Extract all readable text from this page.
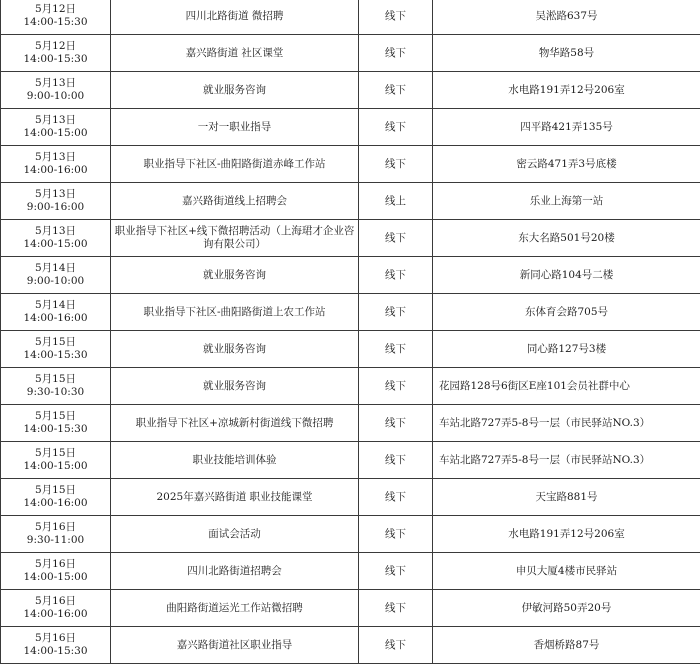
5月12日
14:00-15:30	四川北路街道 微招聘	线下	吴淞路637号

5月12日
14:00-15:30	嘉兴路街道 社区课堂	线下	物华路58号

5月13日
9:00-10:00	就业服务咨询	线下	水电路191弄12号206室

5月13日
14:00-15:00	一对一职业指导	线下	四平路421弄135号

5月13日
14:00-16:00	职业指导下社区-曲阳路街道赤峰工作站	线下	密云路471弄3号底楼

5月13日
9:00-16:00	嘉兴路街道线上招聘会	线上	乐业上海第一站

5月13日
14:00-15:00	职业指导下社区+线下微招聘活动（上海珺才企业咨询有限公司）	线下	东大名路501号20楼

5月14日
9:00-10:00	就业服务咨询	线下	新同心路104号二楼

5月14日
14:00-16:00	职业指导下社区-曲阳路街道上农工作站	线下	东体育会路705号

5月15日
14:00-15:30	就业服务咨询	线下	同心路127号3楼

5月15日
9:30-10:30	就业服务咨询	线下	花园路128号6街区E座101会员社群中心

5月15日
14:00-15:30	职业指导下社区+凉城新村街道线下微招聘	线下	车站北路727弄5-8号一层（市民驿站NO.3）

5月15日
14:00-15:00	职业技能培训体验	线下	车站北路727弄5-8号一层（市民驿站NO.3）

5月15日
14:00-16:00	2025年嘉兴路街道 职业技能课堂	线下	天宝路881号

5月16日
9:30-11:00	面试会活动	线下	水电路191弄12号206室

5月16日
14:00-15:00	四川北路街道招聘会	线下	申贝大厦4楼市民驿站

5月16日
14:00-16:00	曲阳路街道运光工作站微招聘	线下	伊敏河路50弄20号

5月16日
14:00-15:30	嘉兴路街道社区职业指导	线下	香烟桥路87号
